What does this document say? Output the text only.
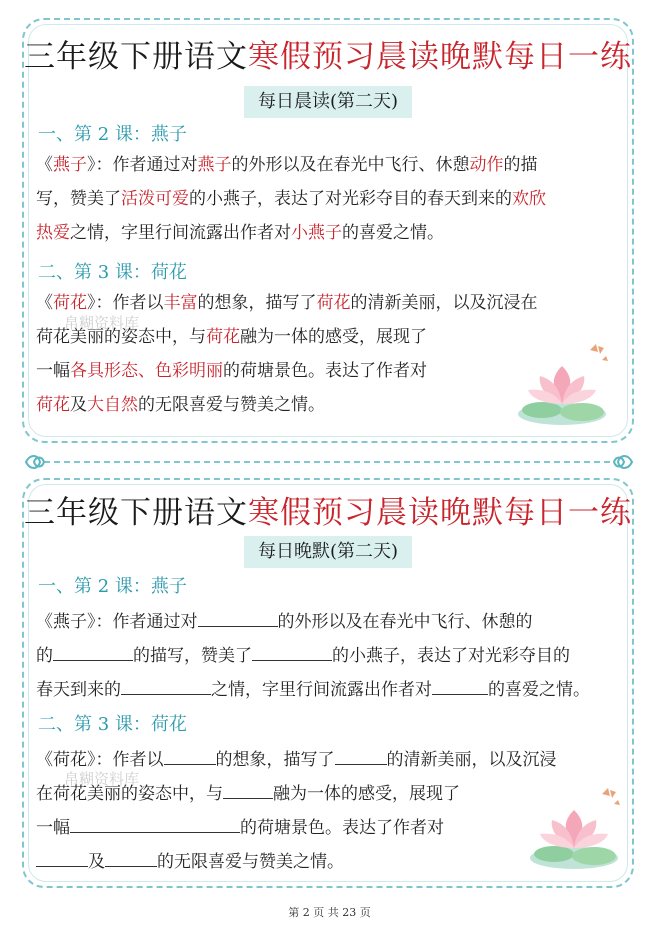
三年级下册语文寒假预习晨读晚默每日一练
每日晨读(第二天)
一、第 2 课：燕子
《燕子》：作者通过对燕子的外形以及在春光中飞行、休憩动作的描
写，赞美了活泼可爱的小燕子，表达了对光彩夺目的春天到来的欢欣
热爱之情，字里行间流露出作者对小燕子的喜爱之情。
二、第 3 课：荷花
《荷花》：作者以丰富的想象，描写了荷花的清新美丽，以及沉浸在
荷花美丽的姿态中，与荷花融为一体的感受，展现了
一幅各具形态、色彩明丽的荷塘景色。表达了作者对
荷花及大自然的无限喜爱与赞美之情。
帛糊资料库
三年级下册语文寒假预习晨读晚默每日一练
每日晚默(第二天)
一、第 2 课：燕子
《燕子》：作者通过对	的外形以及在春光中飞行、休憩的
的	的描写，赞美了	的小燕子，表达了对光彩夺目的
春天到来的	之情，字里行间流露出作者对	的喜爱之情。
二、第 3 课：荷花
《荷花》：作者以	的想象，描写了	的清新美丽，以及沉浸
在荷花美丽的姿态中，与	融为一体的感受，展现了
一幅	的荷塘景色。表达了作者对
及	的无限喜爱与赞美之情。
帛糊资料库
第 2 页 共 23 页
